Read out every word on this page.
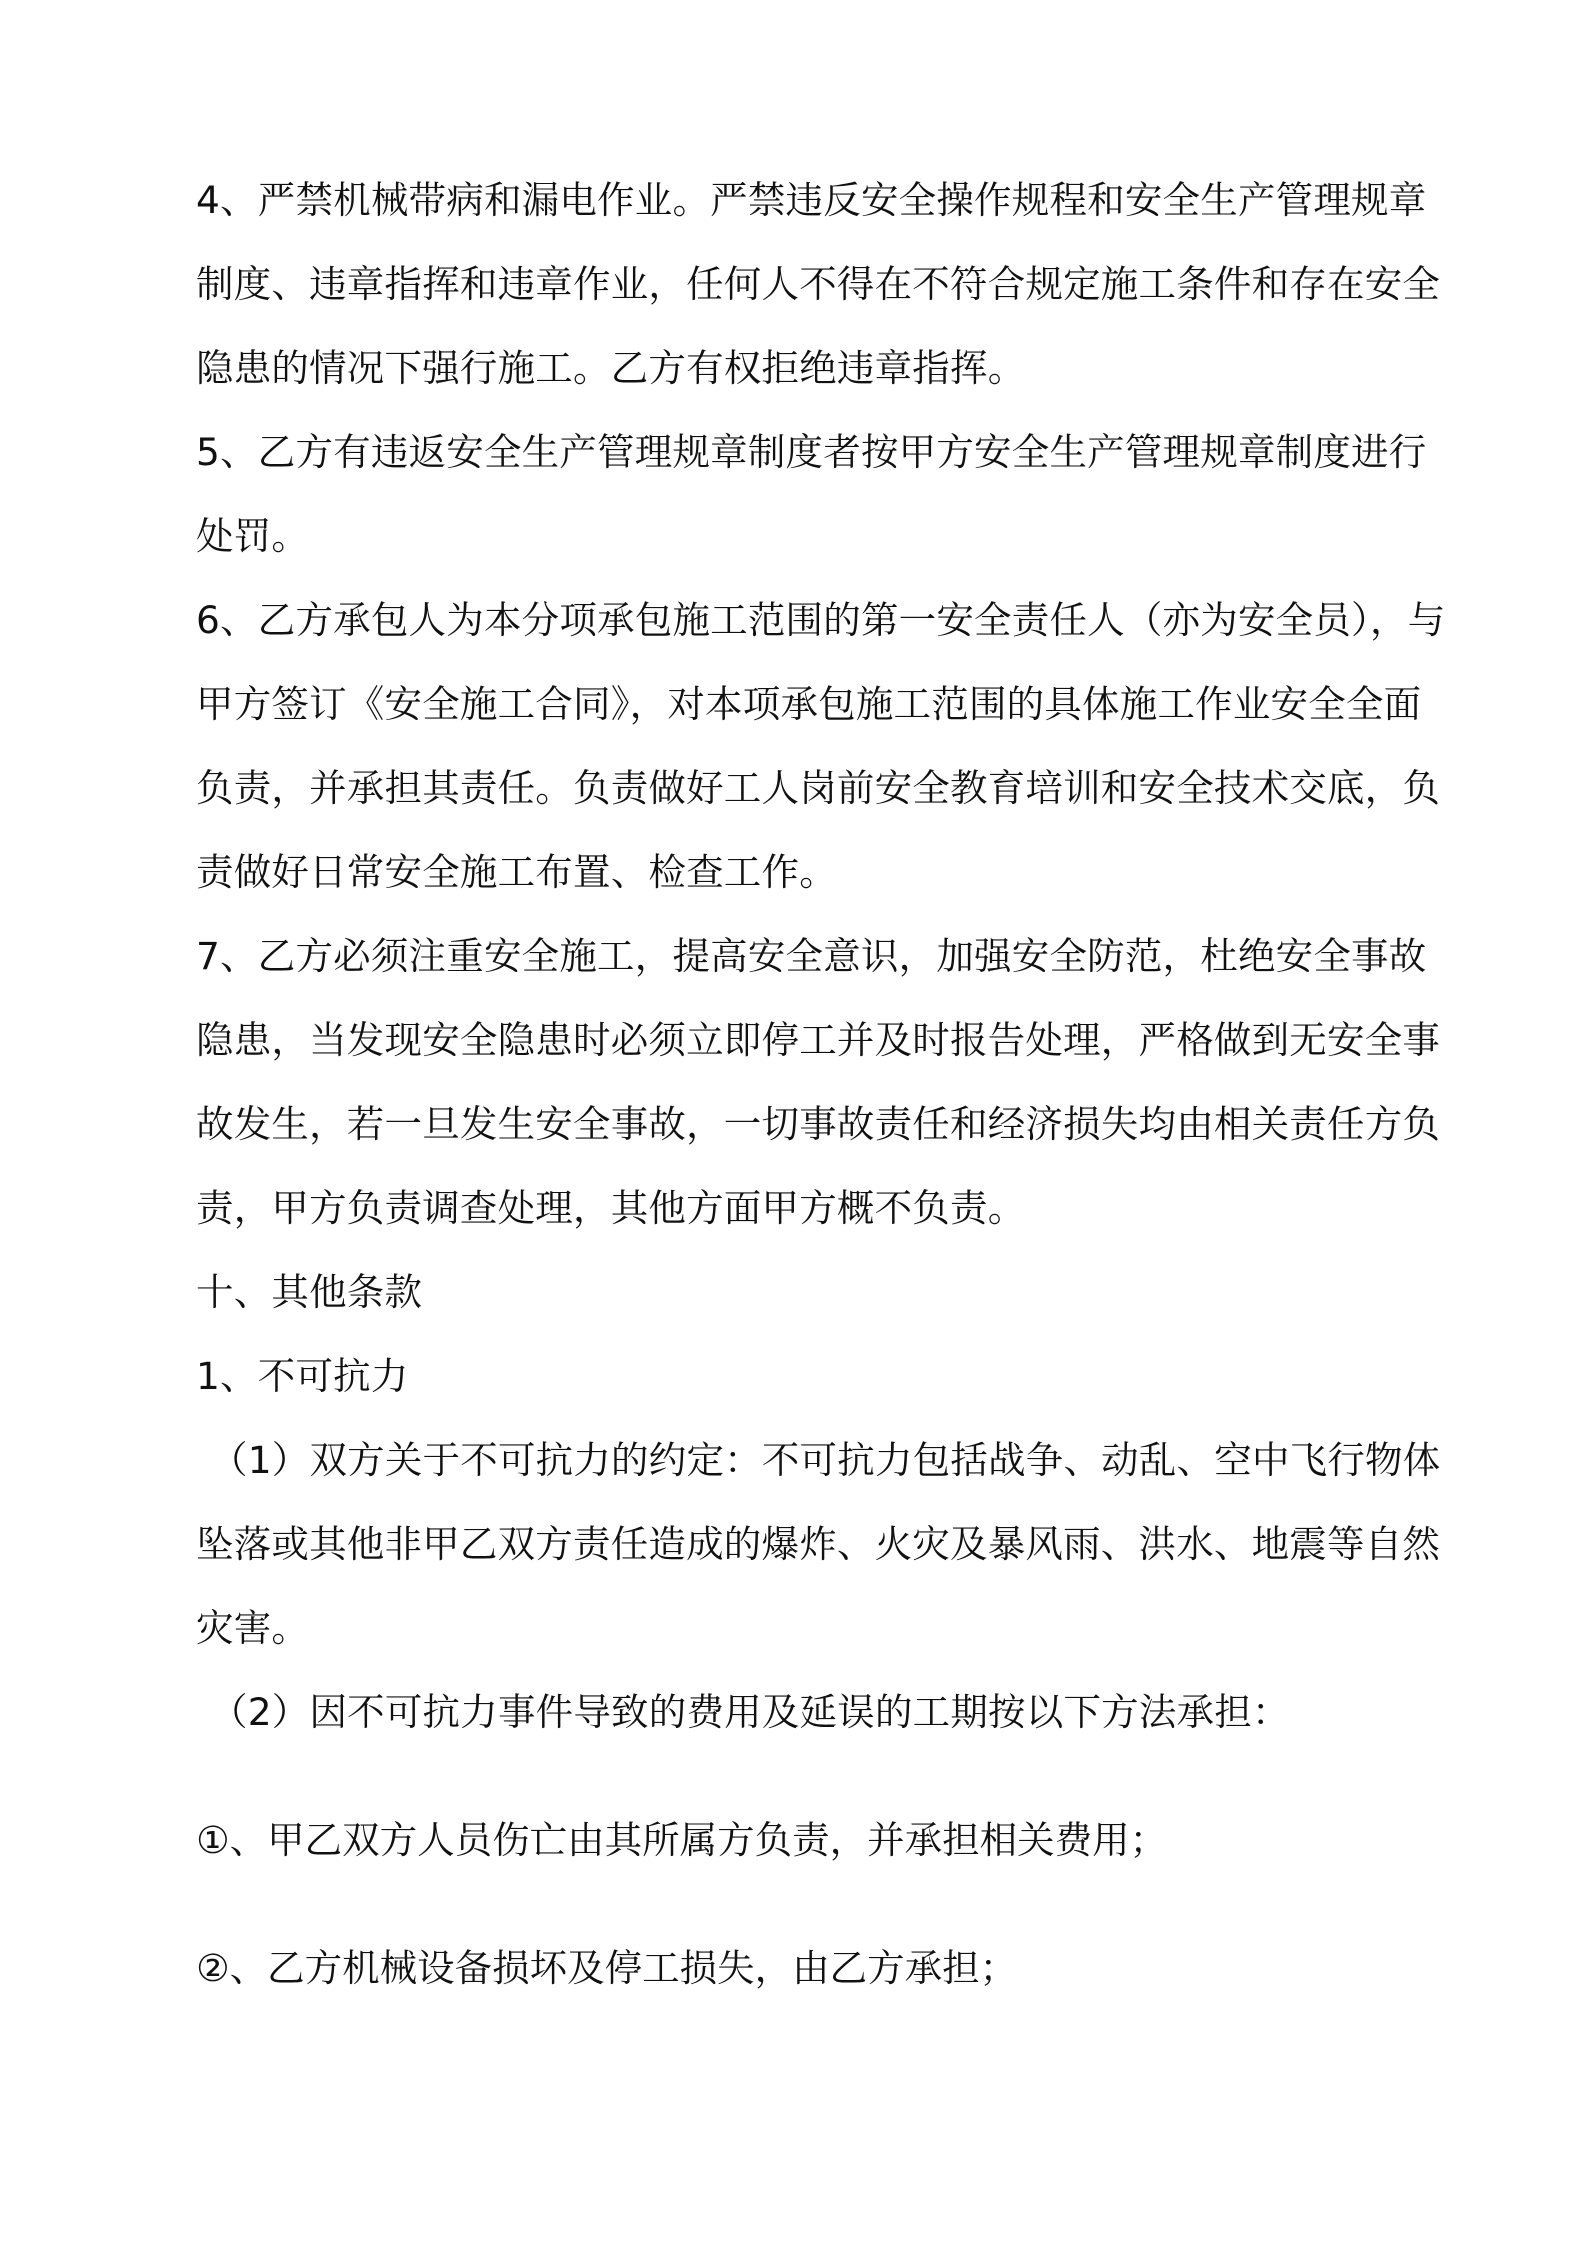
4、严禁机械带病和漏电作业。严禁违反安全操作规程和安全生产管理规章

制度、违章指挥和违章作业，任何人不得在不符合规定施工条件和存在安全

隐患的情况下强行施工。乙方有权拒绝违章指挥。

5、乙方有违返安全生产管理规章制度者按甲方安全生产管理规章制度进行

处罚。

6、乙方承包人为本分项承包施工范围的第一安全责任人（亦为安全员），与

甲方签订《安全施工合同》，对本项承包施工范围的具体施工作业安全全面

负责，并承担其责任。负责做好工人岗前安全教育培训和安全技术交底，负

责做好日常安全施工布置、检查工作。

7、乙方必须注重安全施工，提高安全意识，加强安全防范，杜绝安全事故

隐患，当发现安全隐患时必须立即停工并及时报告处理，严格做到无安全事

故发生，若一旦发生安全事故，一切事故责任和经济损失均由相关责任方负

责，甲方负责调查处理，其他方面甲方概不负责。

十、其他条款

1、不可抗力

（1）双方关于不可抗力的约定：不可抗力包括战争、动乱、空中飞行物体

坠落或其他非甲乙双方责任造成的爆炸、火灾及暴风雨、洪水、地震等自然

灾害。

（2）因不可抗力事件导致的费用及延误的工期按以下方法承担：

①、甲乙双方人员伤亡由其所属方负责，并承担相关费用；

②、乙方机械设备损坏及停工损失，由乙方承担；
